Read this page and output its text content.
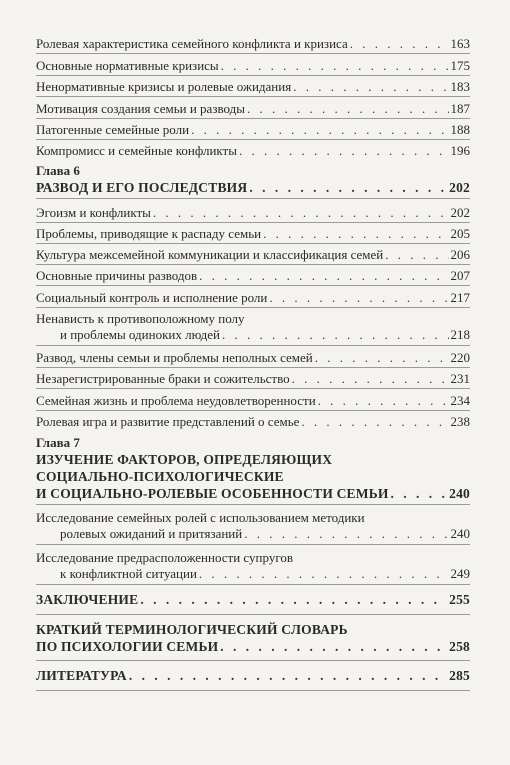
Ролевая характеристика семейного конфликта и кризиса . . .	163
Основные нормативные кризисы . . .	175
Ненормативные кризисы и ролевые ожидания . . .	183
Мотивация создания семьи и разводы . . .	187
Патогенные семейные роли . . .	188
Компромисс и семейные конфликты . . .	196
Глава 6
РАЗВОД И ЕГО ПОСЛЕДСТВИЯ . . .	202
Эгоизм и конфликты . . .	202
Проблемы, приводящие к распаду семьи . . .	205
Культура межсемейной коммуникации и классификация семей . . .	206
Основные причины разводов . . .	207
Социальный контроль и исполнение роли . . .	217
Ненависть к противоположному полу
и проблемы одиноких людей . . .	218
Развод, члены семьи и проблемы неполных семей . . .	220
Незарегистрированные браки и сожительство . . .	231
Семейная жизнь и проблема неудовлетворенности . . .	234
Ролевая игра и развитие представлений о семье . . .	238
Глава 7
ИЗУЧЕНИЕ ФАКТОРОВ, ОПРЕДЕЛЯЮЩИХ
СОЦИАЛЬНО-ПСИХОЛОГИЧЕСКИЕ
И СОЦИАЛЬНО-РОЛЕВЫЕ ОСОБЕННОСТИ СЕМЬИ . . .	240
Исследование семейных ролей с использованием методики
ролевых ожиданий и притязаний . . .	240
Исследование предрасположенности супругов
к конфликтной ситуации . . .	249
ЗАКЛЮЧЕНИЕ . . .	255
КРАТКИЙ ТЕРМИНОЛОГИЧЕСКИЙ СЛОВАРЬ
ПО ПСИХОЛОГИИ СЕМЬИ . . .	258
ЛИТЕРАТУРА . . .	285
